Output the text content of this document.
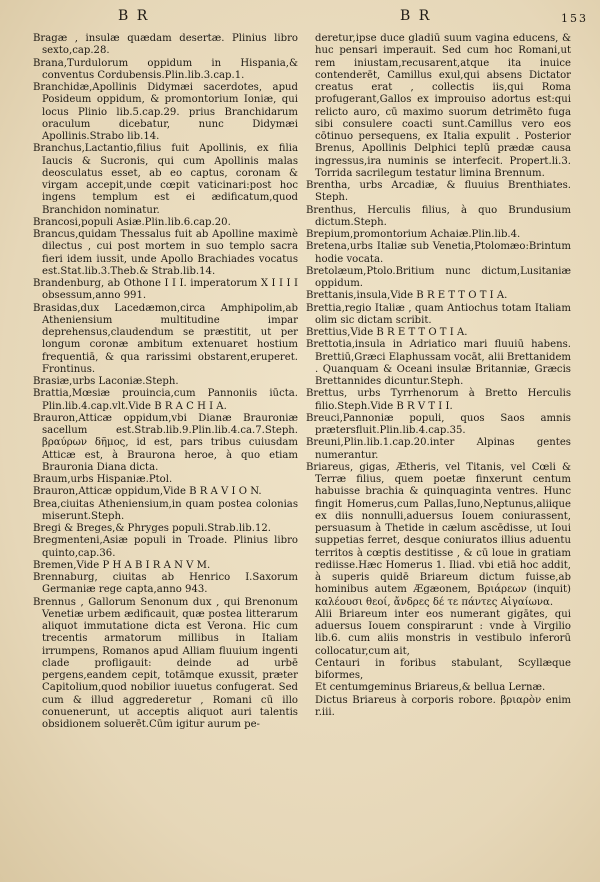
B R	B R	153

Bragæ , insulæ quædam desertæ. Plinius libro sexto,cap.28.

Brana,Turdulorum oppidum in Hispania,& conventus Cordubensis.Plin.lib.3.cap.1.

Branchidæ,Apollinis Didymæi sacerdotes, apud Posideum oppidum, & promontorium Ioniæ, qui locus Plinio lib.5.cap.29. prius Branchidarum oraculum dicebatur, nunc Didymæi Apollinis.Strabo lib.14.

Branchus,Lactantio,filius fuit Apollinis, ex filia Iaucis & Sucronis, qui cum Apollinis malas deosculatus esset, ab eo captus, coronam & virgam accepit,unde cœpit vaticinari:post hoc ingens templum est ei ædificatum,quod Branchidon nominatur.

Brancosi,populi Asiæ.Plin.lib.6.cap.20.

Brancus,quidam Thessalus fuit ab Apolline maximè dilectus , cui post mortem in suo templo sacra fieri idem iussit, unde Apollo Brachiades vocatus est.Stat.lib.3.Theb.& Strab.lib.14.

Brandenburg, ab Othone I I I. imperatorum X I I I I obsessum,anno 991.

Brasidas,dux Lacedæmon,circa Amphipolim,ab Atheniensium multitudine impar deprehensus,claudendum se præstitit, ut per longum coronæ ambitum extenuaret hostium frequentiā, & qua rarissimi obstarent,eruperet. Frontinus.

Brasiæ,urbs Laconiæ.Steph.

Brattia,Mœsiæ prouincia,cum Pannoniis iūcta. Plin.lib.4.cap.vlt.Vide B R A C H I A.

Brauron,Atticæ oppidum,vbi Dianæ Brauroniæ sacellum est.Strab.lib.9.Plin.lib.4.ca.7.Steph. βραύρων δῆμος, id est, pars tribus cuiusdam Atticæ est, à Braurona heroe, à quo etiam Brauronia Diana dicta.

Braum,urbs Hispaniæ.Ptol.

Brauron,Atticæ oppidum,Vide B R A V I O N.

Brea,ciuitas Atheniensium,in quam postea colonias miserunt.Steph.

Bregi & Breges,& Phryges populi.Strab.lib.12.

Bregmenteni,Asiæ populi in Troade. Plinius libro quinto,cap.36.

Bremen,Vide P H A B I R A N V M.

Brennaburg, ciuitas ab Henrico I.Saxorum Germaniæ rege capta,anno 943.

Brennus , Gallorum Senonum dux , qui Brenonum Venetiæ urbem ædificauit, quæ postea litterarum aliquot immutatione dicta est Verona. Hic cum trecentis armatorum millibus in Italiam irrumpens, Romanos apud Alliam fluuium ingenti clade profligauit: deinde ad urbē pergens,eandem cepit, totāmque exussit, præter Capitolium,quod nobilior iuuetus confugerat. Sed cum & illud aggrederetur , Romani cū illo conuenerunt, ut acceptis aliquot auri talentis obsidionem soluerēt.Cūm igitur aurum pe-

deretur,ipse duce gladiū suum vagina educens, & huc pensari imperauit. Sed cum hoc Romani,ut rem iniustam,recusarent,atque ita inuice contenderēt, Camillus exul,qui absens Dictator creatus erat , collectis iis,qui Roma profugerant,Gallos ex improuiso adortus est:qui relicto auro, cū maximo suorum detrimēto fuga sibi consulere coacti sunt.Camillus vero eos cōtinuo persequens, ex Italia expulit . Posterior Brenus, Apollinis Delphici teplū prædæ causa ingressus,ira numinis se interfecit. Propert.li.3. Torrida sacrilegum testatur limina Brennum.

Brentha, urbs Arcadiæ, & fluuius Brenthiates. Steph.

Brenthus, Herculis filius, à quo Brundusium dictum.Steph.

Brepium,promontorium Achaiæ.Plin.lib.4.

Bretena,urbs Italiæ sub Venetia,Ptolomæo:Brintum hodie vocata.

Bretolæum,Ptolo.Britium nunc dictum,Lusitaniæ oppidum.

Brettanis,insula,Vide B R E T T O T I A.

Brettia,regio Italiæ , quam Antiochus totam Italiam olim sic dictam scribit.

Brettius,Vide B R E T T O T I A.

Brettotia,insula in Adriatico mari fluuiū habens. Brettiū,Græci Elaphussam vocāt, alii Brettanidem . Quanquam & Oceani insulæ Britanniæ, Græcis Brettannides dicuntur.Steph.

Brettus, urbs Tyrrhenorum à Bretto Herculis filio.Steph.Vide B R V T I I.

Breuci,Pannoniæ populi, quos Saos amnis prætersfluit.Plin.lib.4.cap.35.

Breuni,Plin.lib.1.cap.20.inter Alpinas gentes numerantur.

Briareus, gigas, Ætheris, vel Titanis, vel Cœli & Terræ filius, quem poetæ finxerunt centum habuisse brachia & quinquaginta ventres. Hunc fingit Homerus,cum Pallas,Iuno,Neptunus,aliique ex diis nonnulli,aduersus Iouem coniurassent, persuasum à Thetide in cælum ascēdisse, ut Ioui suppetias ferret, desque coniuratos illius aduentu territos à cœptis destitisse , & cū loue in gratiam rediisse.Hæc Homerus 1. Iliad. vbi etiā hoc addit, à superis quidē Briareum dictum fuisse,ab hominibus autem Ægæonem, Βριάρεων (inquit) καλέουσι θεοί, ἄνδρες δέ τε πάντες Αἰγαίωνα.

Alii Briareum inter eos numerant gigātes, qui aduersus Iouem conspirarunt : vnde à Virgilio lib.6. cum aliis monstris in vestibulo inferorū collocatur,cum ait,

Centauri in foribus stabulant, Scyllæque biformes,

Et centumgeminus Briareus,& bellua Lernæ.

Dictus Briareus à corporis robore. βριαρὸν enim r.iii.
